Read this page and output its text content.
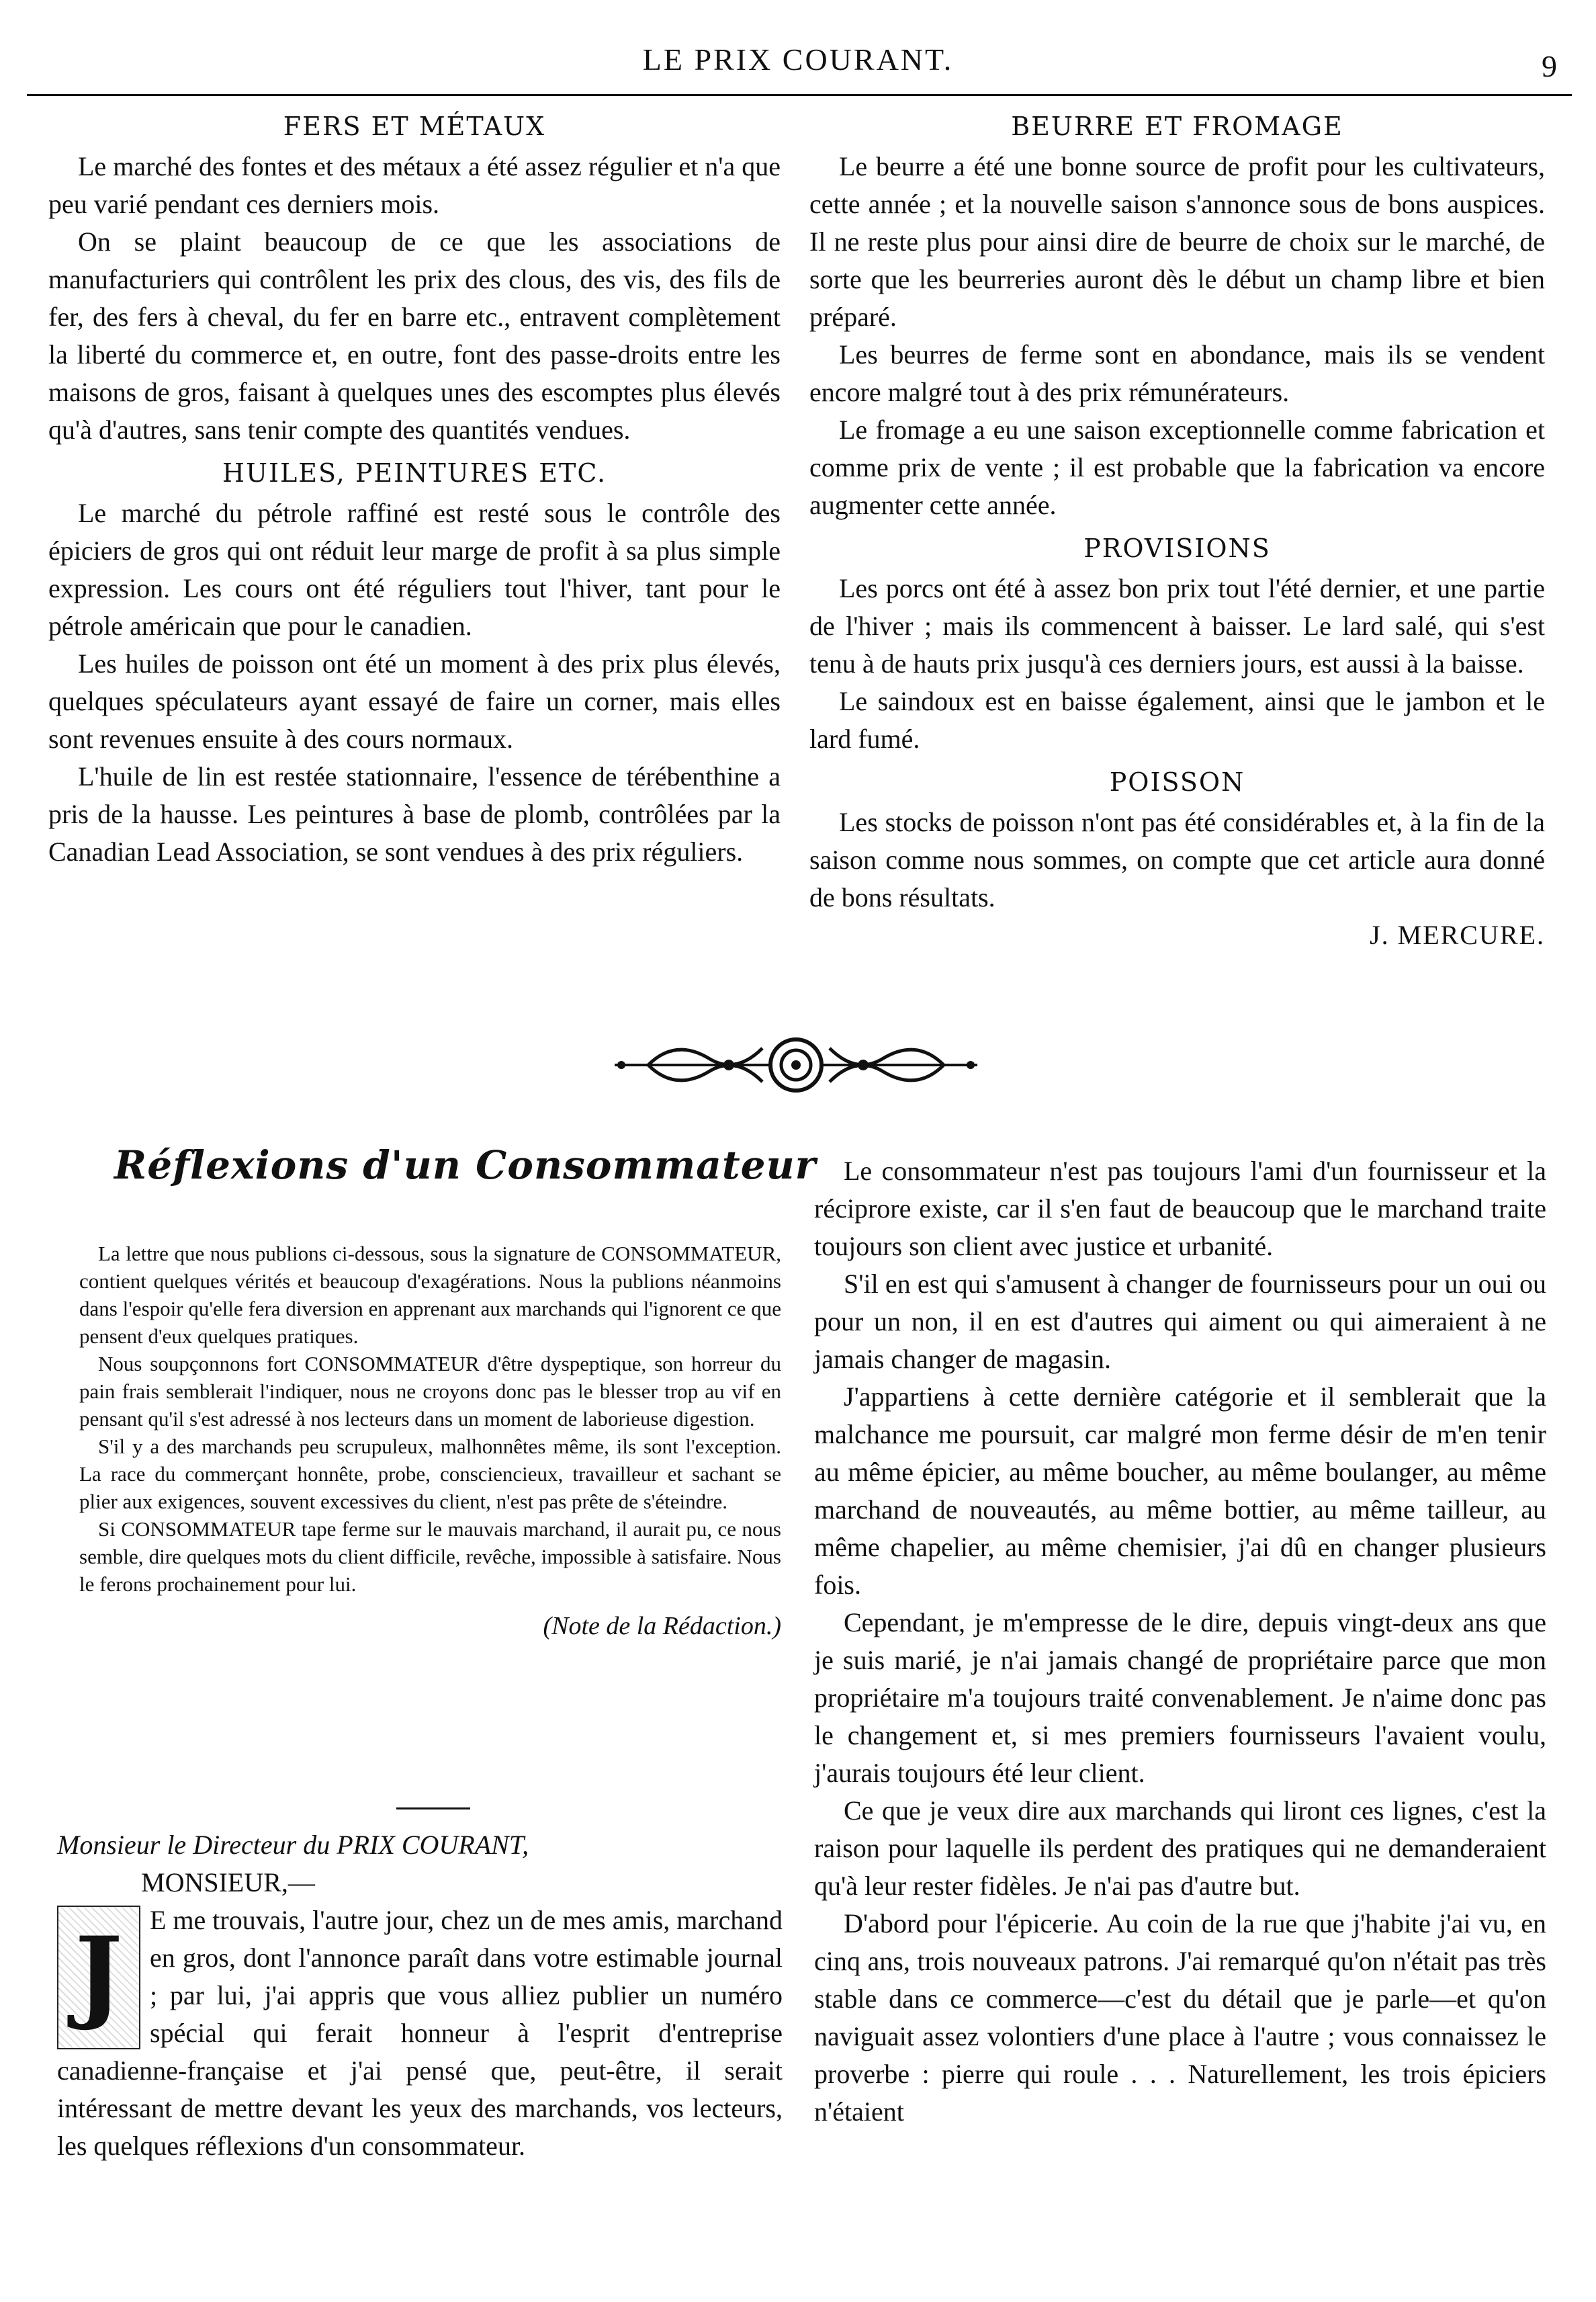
LE PRIX COURANT.	9
FERS ET MÉTAUX

Le marché des fontes et des métaux a été assez régulier et n'a que peu varié pendant ces derniers mois.

On se plaint beaucoup de ce que les associations de manufacturiers qui contrôlent les prix des clous, des vis, des fils de fer, des fers à cheval, du fer en barre etc., entravent complètement la liberté du commerce et, en outre, font des passe-droits entre les maisons de gros, faisant à quelques unes des escomptes plus élevés qu'à d'autres, sans tenir compte des quantités vendues.

HUILES, PEINTURES ETC.

Le marché du pétrole raffiné est resté sous le contrôle des épiciers de gros qui ont réduit leur marge de profit à sa plus simple expression. Les cours ont été réguliers tout l'hiver, tant pour le pétrole américain que pour le canadien.

Les huiles de poisson ont été un moment à des prix plus élevés, quelques spéculateurs ayant essayé de faire un corner, mais elles sont revenues ensuite à des cours normaux.

L'huile de lin est restée stationnaire, l'essence de térébenthine a pris de la hausse. Les peintures à base de plomb, contrôlées par la Canadian Lead Association, se sont vendues à des prix réguliers.

BEURRE ET FROMAGE

Le beurre a été une bonne source de profit pour les cultivateurs, cette année ; et la nouvelle saison s'annonce sous de bons auspices. Il ne reste plus pour ainsi dire de beurre de choix sur le marché, de sorte que les beurreries auront dès le début un champ libre et bien préparé.

Les beurres de ferme sont en abondance, mais ils se vendent encore malgré tout à des prix rémunérateurs.

Le fromage a eu une saison exceptionnelle comme fabrication et comme prix de vente ; il est probable que la fabrication va encore augmenter cette année.

PROVISIONS

Les porcs ont été à assez bon prix tout l'été dernier, et une partie de l'hiver ; mais ils commencent à baisser. Le lard salé, qui s'est tenu à de hauts prix jusqu'à ces derniers jours, est aussi à la baisse.

Le saindoux est en baisse également, ainsi que le jambon et le lard fumé.

POISSON

Les stocks de poisson n'ont pas été considérables et, à la fin de la saison comme nous sommes, on compte que cet article aura donné de bons résultats.

J. MERCURE.
Réflexions d'un Consommateur

La lettre que nous publions ci-dessous, sous la signature de CONSOMMATEUR, contient quelques vérités et beaucoup d'exagérations. Nous la publions néanmoins dans l'espoir qu'elle fera diversion en apprenant aux marchands qui l'ignorent ce que pensent d'eux quelques pratiques.

Nous soupçonnons fort CONSOMMATEUR d'être dyspeptique, son horreur du pain frais semblerait l'indiquer, nous ne croyons donc pas le blesser trop au vif en pensant qu'il s'est adressé à nos lecteurs dans un moment de laborieuse digestion.

S'il y a des marchands peu scrupuleux, malhonnêtes même, ils sont l'exception. La race du commerçant honnête, probe, consciencieux, travailleur et sachant se plier aux exigences, souvent excessives du client, n'est pas prête de s'éteindre.

Si CONSOMMATEUR tape ferme sur le mauvais marchand, il aurait pu, ce nous semble, dire quelques mots du client difficile, revêche, impossible à satisfaire. Nous le ferons prochainement pour lui.

(Note de la Rédaction.)
Monsieur le Directeur du PRIX COURANT,
MONSIEUR,—
J	E me trouvais, l'autre jour, chez un de mes amis, marchand en gros, dont l'annonce paraît dans votre estimable journal ; par lui, j'ai appris que vous alliez publier un numéro spécial qui ferait honneur à l'esprit d'entreprise canadienne-française et j'ai pensé que, peut-être, il serait intéressant de mettre devant les yeux des marchands, vos lecteurs, les quelques réflexions d'un consommateur.

Le consommateur n'est pas toujours l'ami d'un fournisseur et la réciprore existe, car il s'en faut de beaucoup que le marchand traite toujours son client avec justice et urbanité.

S'il en est qui s'amusent à changer de fournisseurs pour un oui ou pour un non, il en est d'autres qui aiment ou qui aimeraient à ne jamais changer de magasin.

J'appartiens à cette dernière catégorie et il semblerait que la malchance me poursuit, car malgré mon ferme désir de m'en tenir au même épicier, au même boucher, au même boulanger, au même marchand de nouveautés, au même bottier, au même tailleur, au même chapelier, au même chemisier, j'ai dû en changer plusieurs fois.

Cependant, je m'empresse de le dire, depuis vingt-deux ans que je suis marié, je n'ai jamais changé de propriétaire parce que mon propriétaire m'a toujours traité convenablement. Je n'aime donc pas le changement et, si mes premiers fournisseurs l'avaient voulu, j'aurais toujours été leur client.

Ce que je veux dire aux marchands qui liront ces lignes, c'est la raison pour laquelle ils perdent des pratiques qui ne demanderaient qu'à leur rester fidèles. Je n'ai pas d'autre but.

D'abord pour l'épicerie. Au coin de la rue que j'habite j'ai vu, en cinq ans, trois nouveaux patrons. J'ai remarqué qu'on n'était pas très stable dans ce commerce—c'est du détail que je parle—et qu'on naviguait assez volontiers d'une place à l'autre ; vous connaissez le proverbe : pierre qui roule . . . Naturellement, les trois épiciers n'étaient
